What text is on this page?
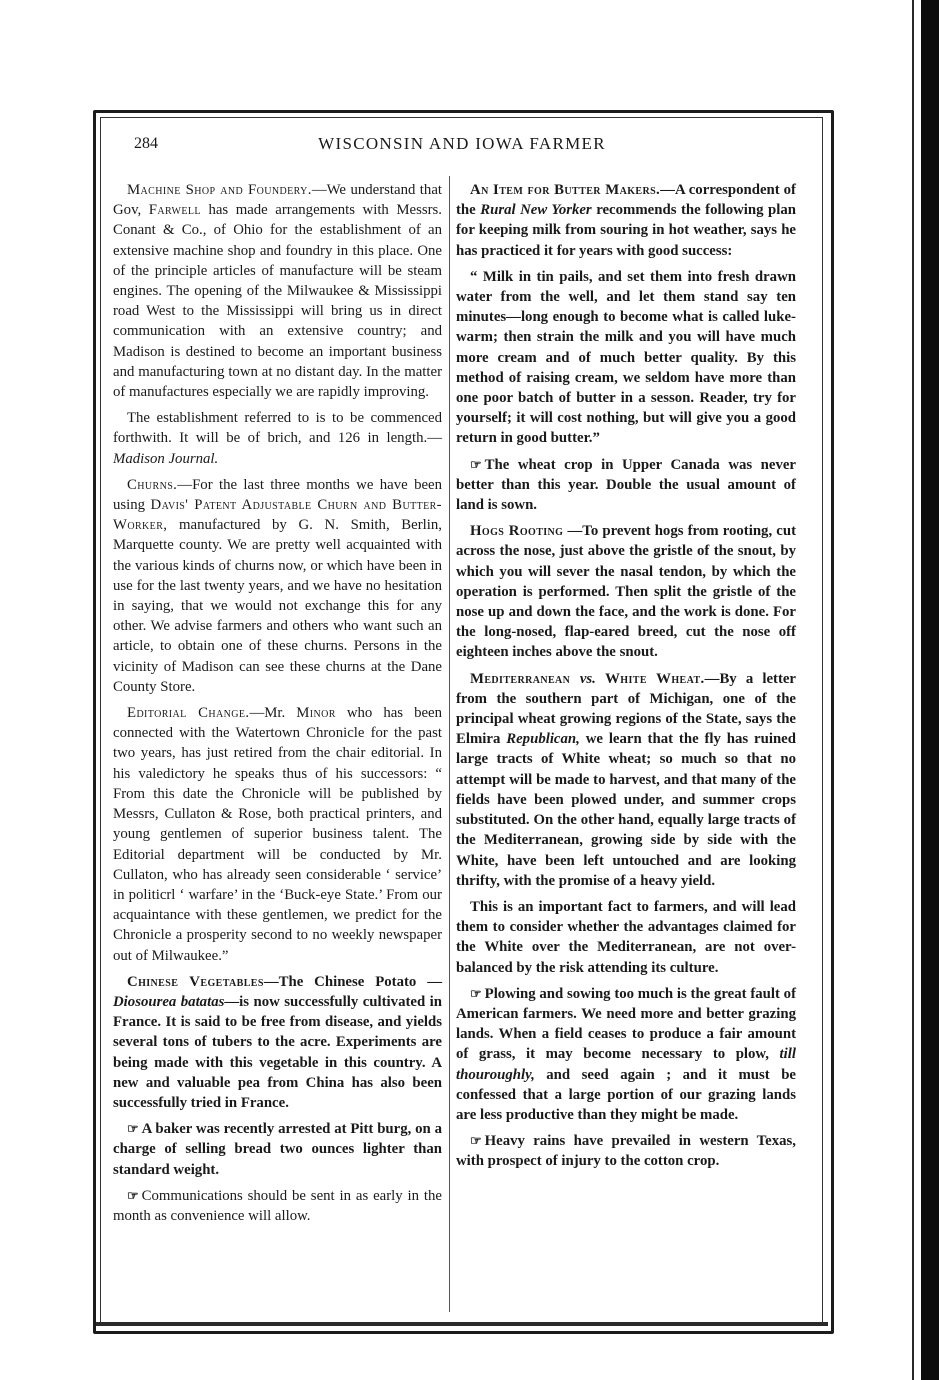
284	WISCONSIN AND IOWA FARMER

Machine Shop and Foundery.—We understand that Gov, Farwell has made arrangements with Messrs. Conant & Co., of Ohio for the establishment of an extensive machine shop and foundry in this place. One of the principle articles of manufacture will be steam engines. The opening of the Milwaukee & Mississippi road West to the Mississippi will bring us in direct communication with an extensive country; and Madison is destined to become an important business and manufacturing town at no distant day. In the matter of manufactures especially we are rapidly improving.

The establishment referred to is to be commenced forthwith. It will be of brich, and 126 in length.—Madison Journal.

Churns.—For the last three months we have been using Davis' Patent Adjustable Churn and Butter-Worker, manufactured by G. N. Smith, Berlin, Marquette county. We are pretty well acquainted with the various kinds of churns now, or which have been in use for the last twenty years, and we have no hesitation in saying, that we would not exchange this for any other. We advise farmers and others who want such an article, to obtain one of these churns. Persons in the vicinity of Madison can see these churns at the Dane County Store.

Editorial Change.—Mr. Minor who has been connected with the Watertown Chronicle for the past two years, has just retired from the chair editorial. In his valedictory he speaks thus of his successors: “ From this date the Chronicle will be published by Messrs, Cullaton & Rose, both practical printers, and young gentlemen of superior business talent. The Editorial department will be conducted by Mr. Cullaton, who has already seen considerable ‘ service’ in politicrl ‘ warfare’ in the ‘Buck-eye State.’ From our acquaintance with these gentlemen, we predict for the Chronicle a prosperity second to no weekly newspaper out of Milwaukee.”

Chinese Vegetables—The Chinese Potato —Diosourea batatas—is now successfully cultivated in France. It is said to be free from disease, and yields several tons of tubers to the acre. Experiments are being made with this vegetable in this country. A new and valuable pea from China has also been successfully tried in France.

☞ A baker was recently arrested at Pitt burg, on a charge of selling bread two ounces lighter than standard weight.

☞ Communications should be sent in as early in the month as convenience will allow.

An Item for Butter Makers.—A correspondent of the Rural New Yorker recommends the following plan for keeping milk from souring in hot weather, says he has practiced it for years with good success:

“ Milk in tin pails, and set them into fresh drawn water from the well, and let them stand say ten minutes—long enough to become what is called luke-warm; then strain the milk and you will have much more cream and of much better quality. By this method of raising cream, we seldom have more than one poor batch of butter in a sesson. Reader, try for yourself; it will cost nothing, but will give you a good return in good butter.”

☞ The wheat crop in Upper Canada was never better than this year. Double the usual amount of land is sown.

Hogs Rooting —To prevent hogs from rooting, cut across the nose, just above the gristle of the snout, by which you will sever the nasal tendon, by which the operation is performed. Then split the gristle of the nose up and down the face, and the work is done. For the long-nosed, flap-eared breed, cut the nose off eighteen inches above the snout.

Mediterranean vs. White Wheat.—By a letter from the southern part of Michigan, one of the principal wheat growing regions of the State, says the Elmira Republican, we learn that the fly has ruined large tracts of White wheat; so much so that no attempt will be made to harvest, and that many of the fields have been plowed under, and summer crops substituted. On the other hand, equally large tracts of the Mediterranean, growing side by side with the White, have been left untouched and are looking thrifty, with the promise of a heavy yield.

This is an important fact to farmers, and will lead them to consider whether the advantages claimed for the White over the Mediterranean, are not over-balanced by the risk attending its culture.

☞ Plowing and sowing too much is the great fault of American farmers. We need more and better grazing lands. When a field ceases to produce a fair amount of grass, it may become necessary to plow, till thouroughly, and seed again ; and it must be confessed that a large portion of our grazing lands are less productive than they might be made.

☞ Heavy rains have prevailed in western Texas, with prospect of injury to the cotton crop.
